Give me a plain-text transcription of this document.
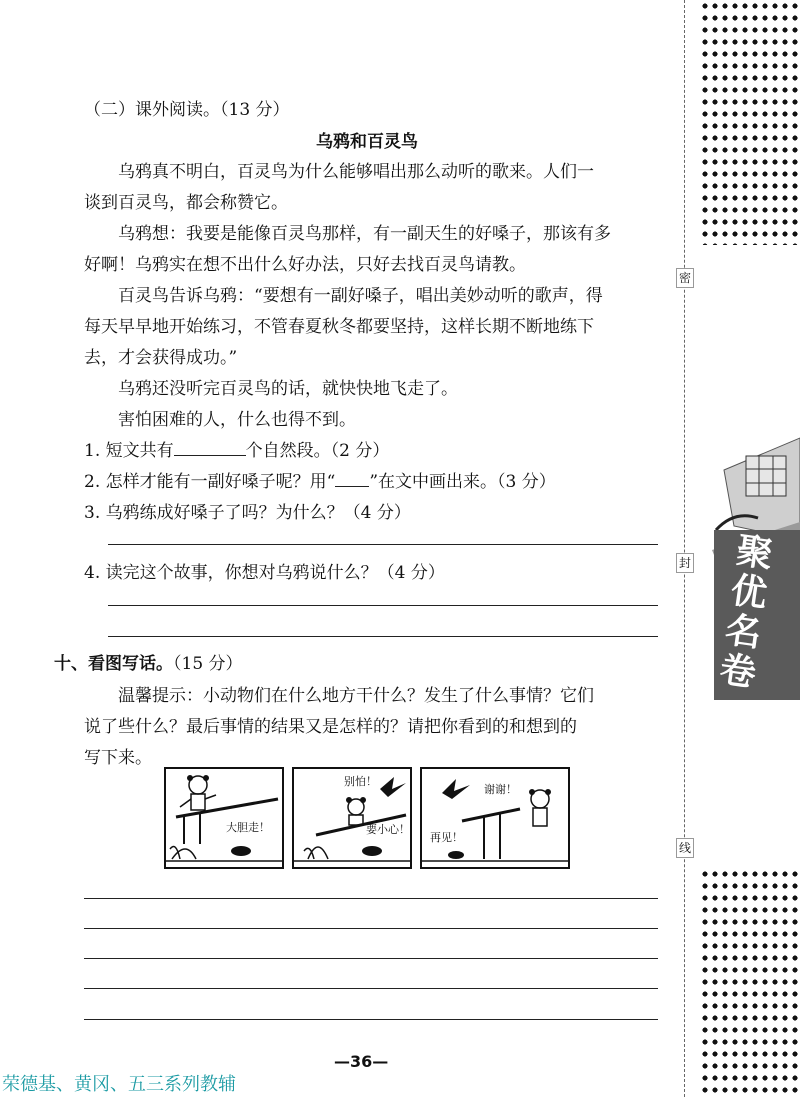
密
封
线
聚优名卷
（二）课外阅读。（13 分）
乌鸦和百灵鸟
乌鸦真不明白，百灵鸟为什么能够唱出那么动听的歌来。人们一
谈到百灵鸟，都会称赞它。
乌鸦想：我要是能像百灵鸟那样，有一副天生的好嗓子，那该有多
好啊！乌鸦实在想不出什么好办法，只好去找百灵鸟请教。
百灵鸟告诉乌鸦：“要想有一副好嗓子，唱出美妙动听的歌声，得
每天早早地开始练习，不管春夏秋冬都要坚持，这样长期不断地练下
去，才会获得成功。”
乌鸦还没听完百灵鸟的话，就快快地飞走了。
害怕困难的人，什么也得不到。
1. 短文共有	个自然段。（2 分）
2. 怎样才能有一副好嗓子呢？用“ ”在文中画出来。（3 分）
3. 乌鸦练成好嗓子了吗？为什么？（4 分）
4. 读完这个故事，你想对乌鸦说什么？（4 分）
十、看图写话。（15 分）
温馨提示：小动物们在什么地方干什么？发生了什么事情？它们
说了些什么？最后事情的结果又是怎样的？请把你看到的和想到的
写下来。
大胆走！
别怕！
要小心！
谢谢！
再见！
—36—
荣德基、黄冈、五三系列教辅
